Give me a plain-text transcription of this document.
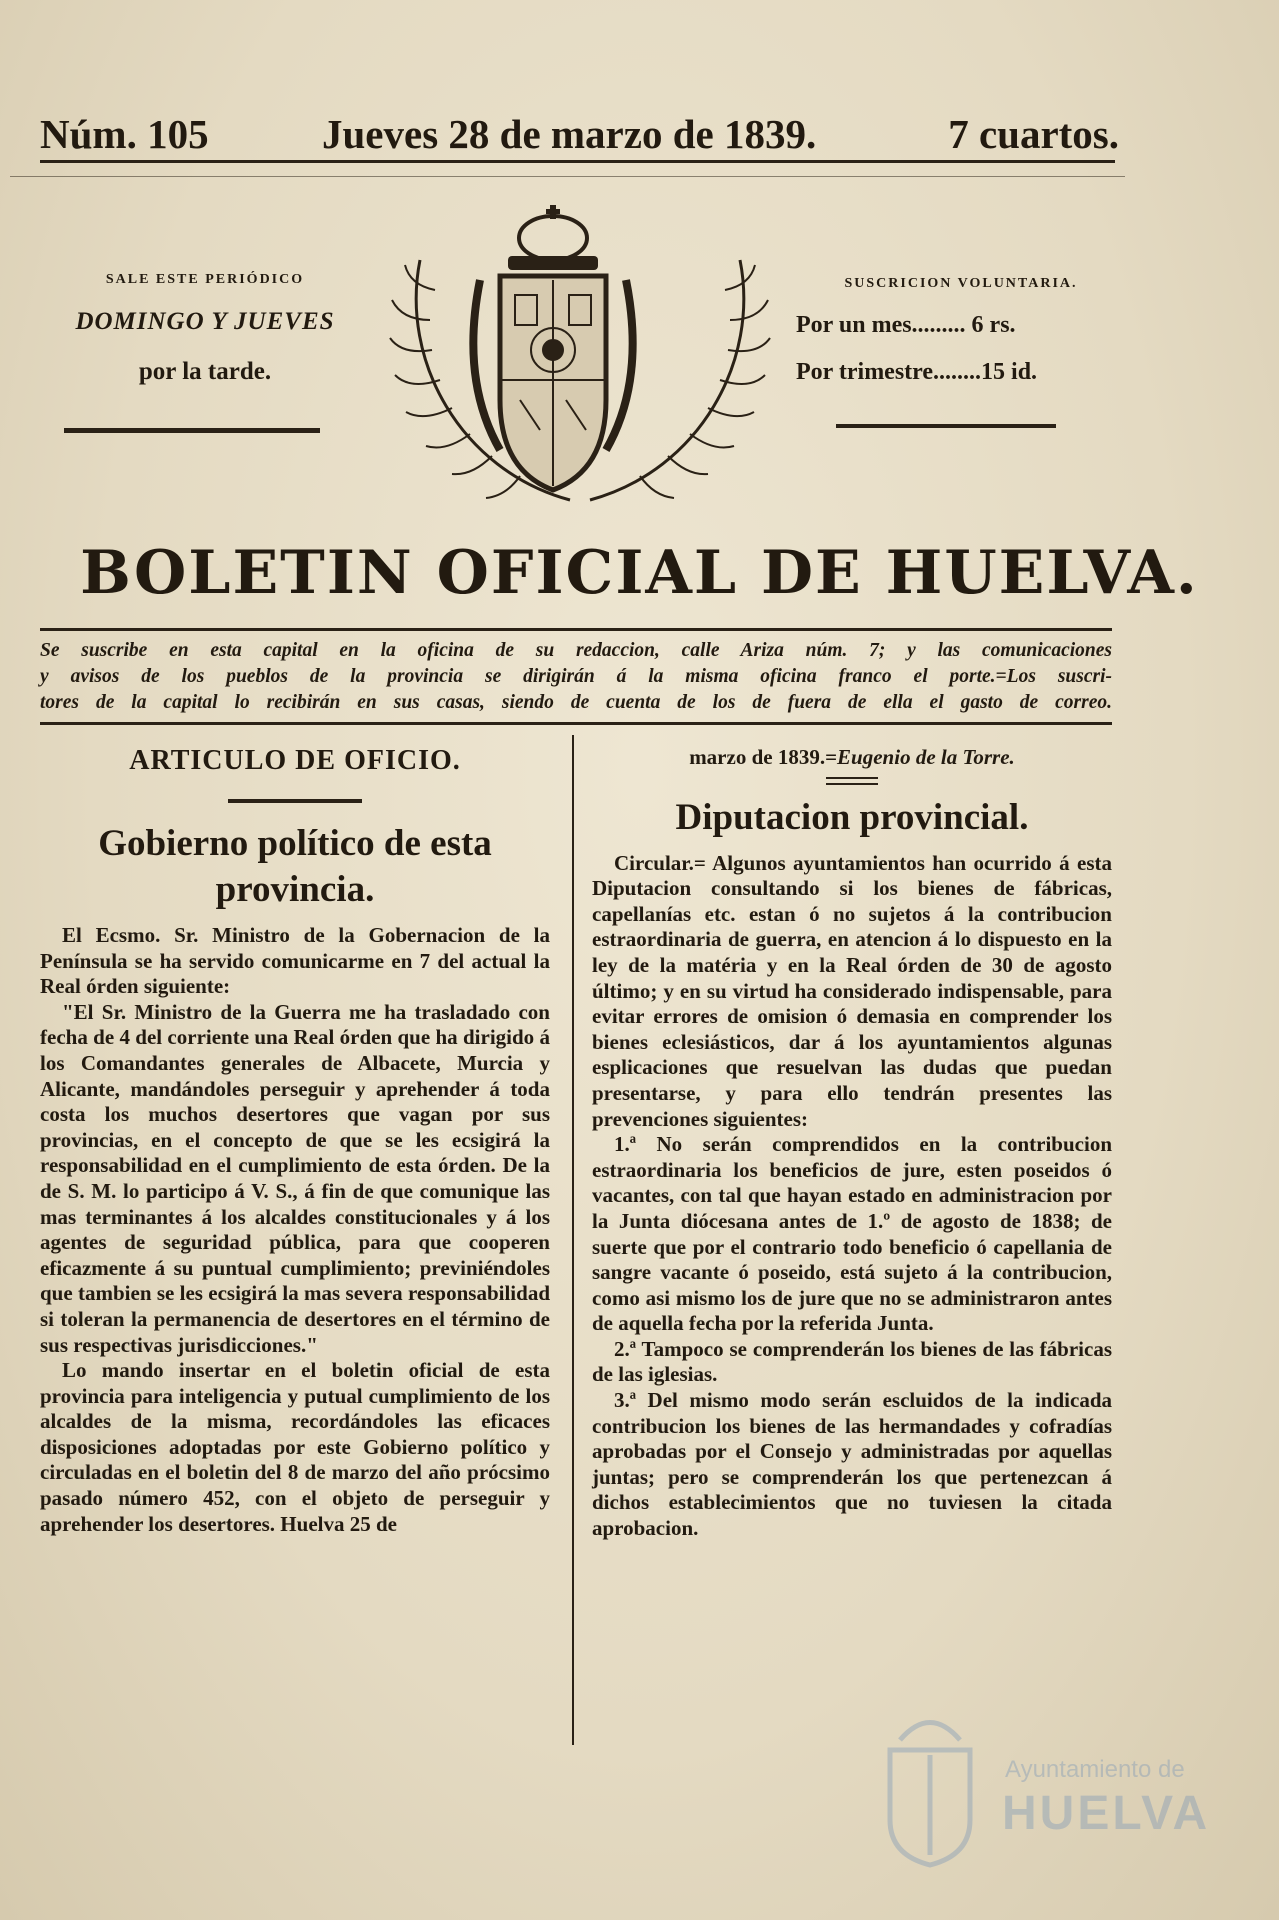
Núm. 105	Jueves 28 de marzo de 1839.	7 cuartos.
SALE ESTE PERIÓDICO
DOMINGO Y JUEVES
por la tarde.
SUSCRICION VOLUNTARIA.
Por un mes......... 6 rs.
Por trimestre........15 id.
BOLETIN OFICIAL DE HUELVA.
Se suscribe en esta capital en la oficina de su redaccion, calle Ariza núm. 7; y las comunicaciones
y avisos de los pueblos de la provincia se dirigirán á la misma oficina franco el porte.=Los suscri-
tores de la capital lo recibirán en sus casas, siendo de cuenta de los de fuera de ella el gasto de correo.
ARTICULO DE OFICIO.
Gobierno político de esta provincia.

El Ecsmo. Sr. Ministro de la Gobernacion de la Península se ha servido comunicarme en 7 del actual la Real órden siguiente:

"El Sr. Ministro de la Guerra me ha trasladado con fecha de 4 del corriente una Real órden que ha dirigido á los Comandantes generales de Albacete, Murcia y Alicante, mandándoles perseguir y aprehender á toda costa los muchos desertores que vagan por sus provincias, en el concepto de que se les ecsigirá la responsabilidad en el cumplimiento de esta órden. De la de S. M. lo participo á V. S., á fin de que comunique las mas terminantes á los alcaldes constitucionales y á los agentes de seguridad pública, para que cooperen eficazmente á su puntual cumplimiento; previniéndoles que tambien se les ecsigirá la mas severa responsabilidad si toleran la permanencia de desertores en el término de sus respectivas jurisdicciones."

Lo mando insertar en el boletin oficial de esta provincia para inteligencia y putual cumplimiento de los alcaldes de la misma, recordándoles las eficaces disposiciones adoptadas por este Gobierno político y circuladas en el boletin del 8 de marzo del año prócsimo pasado número 452, con el objeto de perseguir y aprehender los desertores. Huelva 25 de

marzo de 1839.=Eugenio de la Torre.

Diputacion provincial.

Circular.= Algunos ayuntamientos han ocurrido á esta Diputacion consultando si los bienes de fábricas, capellanías etc. estan ó no sujetos á la contribucion estraordinaria de guerra, en atencion á lo dispuesto en la ley de la matéria y en la Real órden de 30 de agosto último; y en su virtud ha considerado indispensable, para evitar errores de omision ó demasia en comprender los bienes eclesiásticos, dar á los ayuntamientos algunas esplicaciones que resuelvan las dudas que puedan presentarse, y para ello tendrán presentes las prevenciones siguientes:

1.ª No serán comprendidos en la contribucion estraordinaria los beneficios de jure, esten poseidos ó vacantes, con tal que hayan estado en administracion por la Junta diócesana antes de 1.º de agosto de 1838; de suerte que por el contrario todo beneficio ó capellania de sangre vacante ó poseido, está sujeto á la contribucion, como asi mismo los de jure que no se administraron antes de aquella fecha por la referida Junta.

2.ª Tampoco se comprenderán los bienes de las fábricas de las iglesias.

3.ª Del mismo modo serán escluidos de la indicada contribucion los bienes de las hermandades y cofradías aprobadas por el Consejo y administradas por aquellas juntas; pero se comprenderán los que pertenezcan á dichos establecimientos que no tuviesen la citada aprobacion.

Ayuntamiento de
HUELVA
